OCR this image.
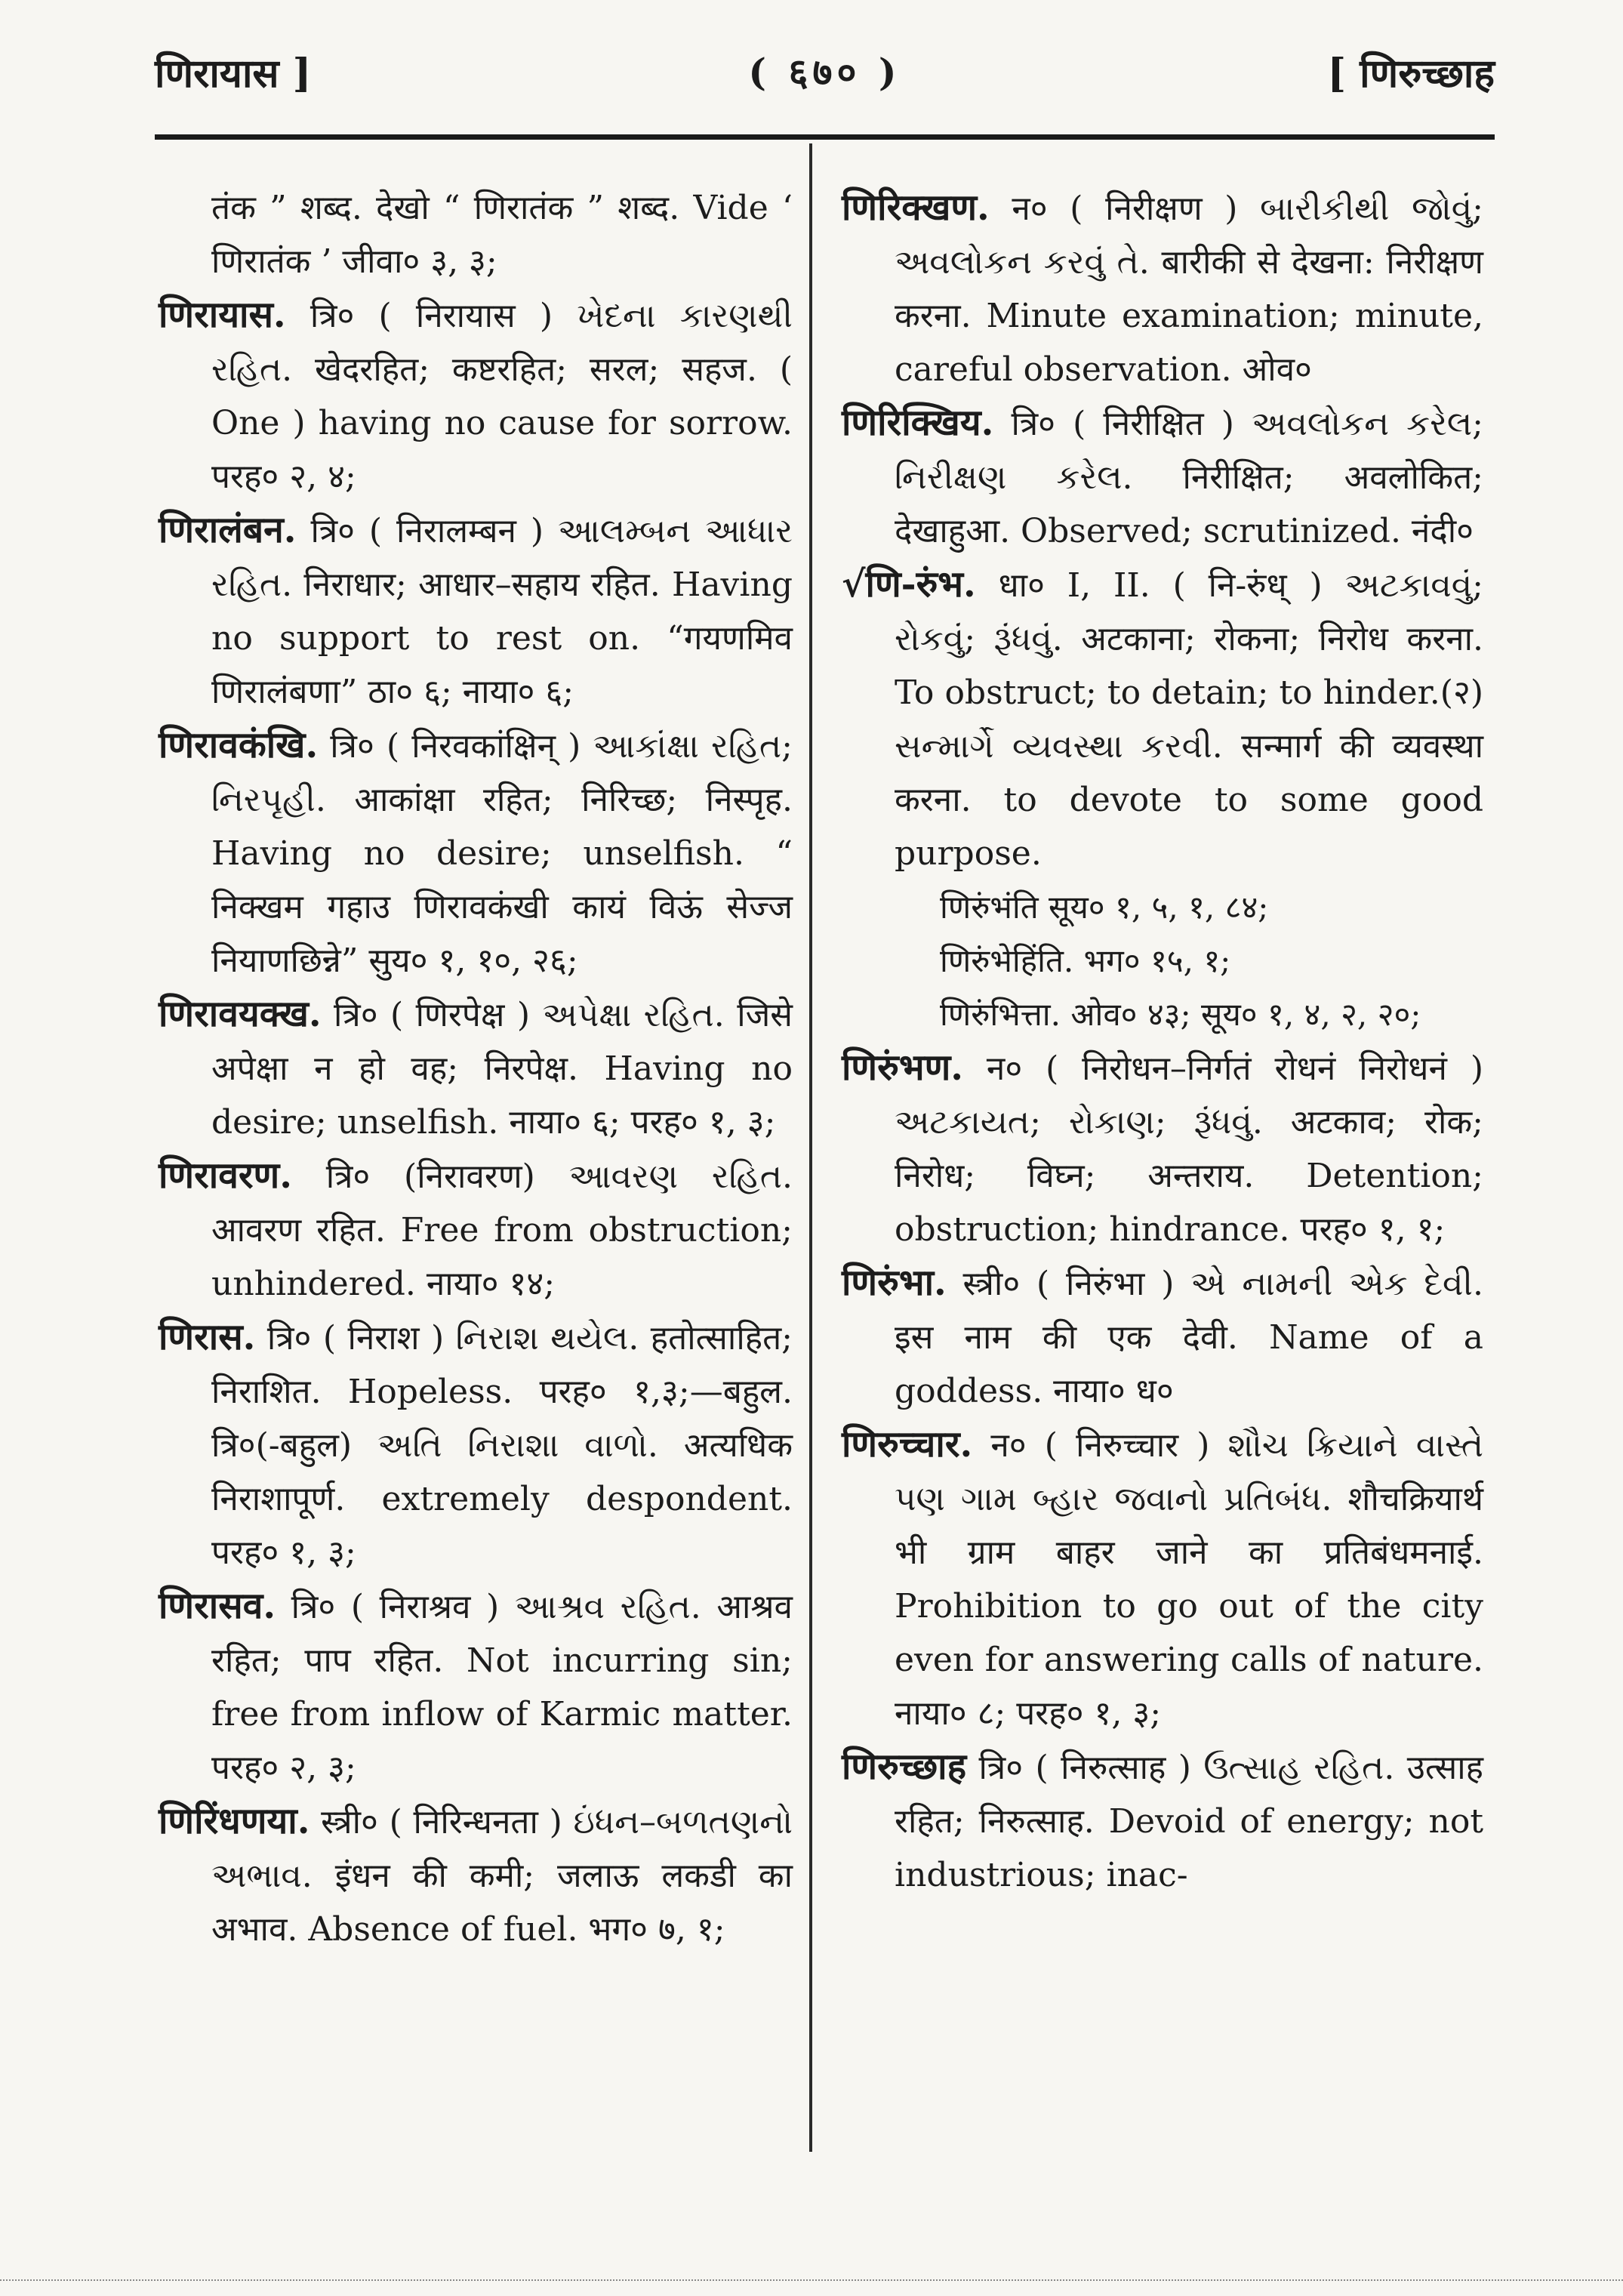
णिरायास ]	( ६७० )	[ णिरुच्छाह
तंक ” शब्द. देखो “ णिरातंक ” शब्द. Vide ‘ णिरातंक ’ जीवा० ३, ३;
णिरायास. त्रि० ( निरायास ) ખેદના કારણથી રહિત. खेदरहित; कष्टरहित; सरल; सहज. ( One ) having no cause for sorrow. परह० २, ४;
णिरालंबन. त्रि० ( निरालम्बन ) આલમ્બન આધાર રહિત. निराधार; आधार–सहाय रहित. Having no support to rest on. “गयणमिव णिरालंबणा” ठा० ६; नाया० ६;
णिरावकंखि. त्रि० ( निरवकांक्षिन् ) આકાંક્ષા રહિત; નિરપૃહી. आकांक्षा रहित; निरिच्छ; निस्पृह. Having no desire; unselfish. “ निक्खम गहाउ णिरावकंखी कायं विऊं सेज्ज नियाणछिन्ने” सुय० १, १०, २६;
णिरावयक्ख. त्रि० ( णिरपेक्ष ) અપેક્ષા રહિત. जिसे अपेक्षा न हो वह; निरपेक्ष. Having no desire; unselfish. नाया० ६; परह० १, ३;
णिरावरण. त्रि० (निरावरण) આવરણ રહિત. आवरण रहित. Free from obstruction; unhindered. नाया० १४;
णिरास. त्रि० ( निराश ) નિરાશ થયેલ. हतोत्साहित; निराशित. Hopeless. परह० १,३;—बहुल. त्रि०(-बहुल) અતિ નિરાશા વાળો. अत्यधिक निराशापूर्ण. extremely despondent. परह० १, ३;
णिरासव. त्रि० ( निराश्रव ) આશ્રવ રહિત. आश्रव रहित; पाप रहित. Not incurring sin; free from inflow of Karmic matter. परह० २, ३;
णिरिंधणया. स्त्री० ( निरिन्धनता ) ઇંધન–બળતણનો અભાવ. इंधन की कमी; जलाऊ लकडी का अभाव. Absence of fuel. भग० ७, १;
णिरिक्खण. न० ( निरीक्षण ) બારીકીથી જોવું; અવલોકન કરવું તે. बारीकी से देखना: निरीक्षण करना. Minute examination; minute, careful observation. ओव०
णिरिक्खिय. त्रि० ( निरीक्षित ) અવલોકન કરેલ; નિરીક્ષણ કરેલ. निरीक्षित; अवलोकित; देखाहुआ. Observed; scrutinized. नंदी०
√णि-रुंभ. धा० I, II. ( नि-रुंध् ) અટકાવવું; રોકવું; રૂંધવું. अटकाना; रोकना; निरोध करना. To obstruct; to detain; to hinder.(२) સન્માર્ગે વ્યવસ્થા કરવી. सन्मार्ग की व्यवस्था करना. to devote to some good purpose.
णिरुंभंति सूय० १, ५, १, ८४;
णिरुंभेहिंति. भग० १५, १;
णिरुंभित्ता. ओव० ४३; सूय० १, ४, २, २०;
णिरुंभण. न० ( निरोधन–निर्गतं रोधनं निरोधनं ) અટકાયત; રોકાણ; રૂંધવું. अटकाव; रोक; निरोध; विघ्न; अन्तराय. Detention; obstruction; hindrance. परह० १, १;
णिरुंभा. स्त्री० ( निरुंभा ) એ નામની એક દેવી. इस नाम की एक देवी. Name of a goddess. नाया० ध०
णिरुच्चार. न० ( निरुच्चार ) શૌચ ક્રિયાને વાસ્તે પણ ગામ બ્હાર જવાનો પ્રતિબંધ. शौचक्रियार्थ भी ग्राम बाहर जाने का प्रतिबंधमनाई. Prohibition to go out of the city even for answering calls of nature. नाया० ८; परह० १, ३;
णिरुच्छाह त्रि० ( निरुत्साह ) ઉત્સાહ રહિત. उत्साह रहित; निरुत्साह. Devoid of energy; not industrious; inac-
